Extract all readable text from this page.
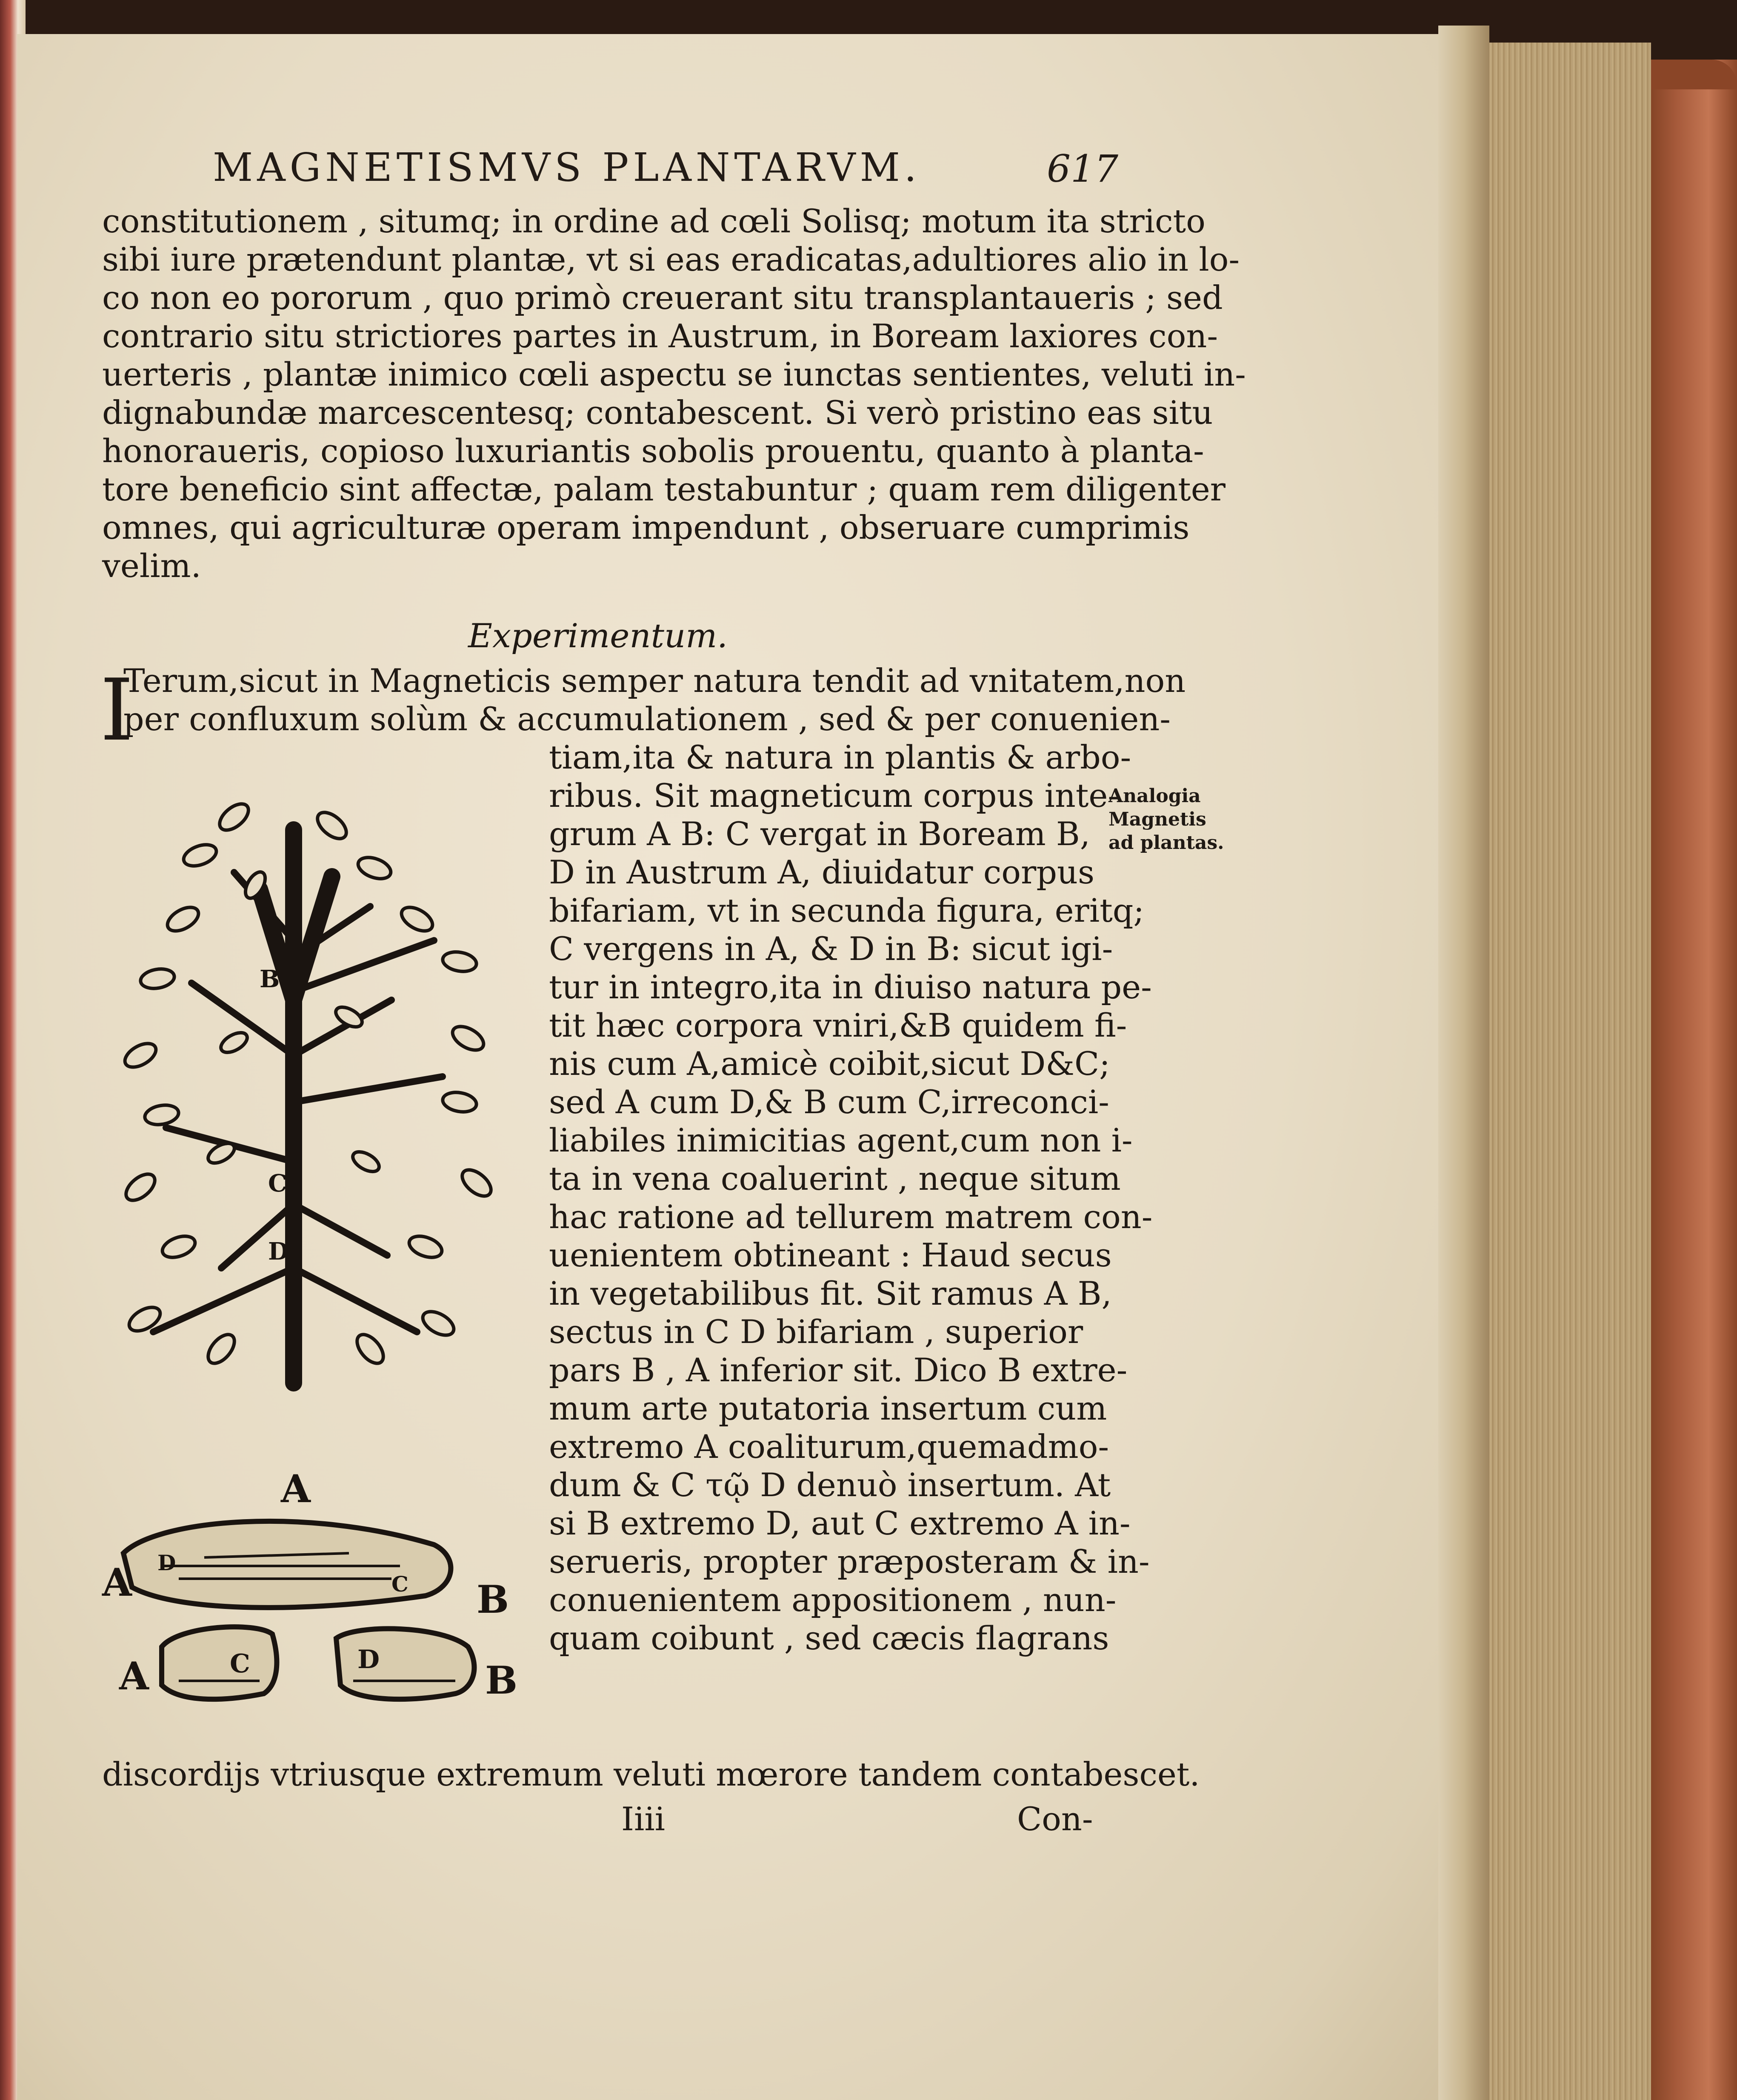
MAGNETISMVS PLANTARVM.	617
constitutionem , situmq; in ordine ad cœli Solisq; motum ita stricto
sibi iure prætendunt plantæ, vt si eas eradicatas,adultiores alio in lo-
co non eo pororum , quo primò creuerant situ transplantaueris ; sed
contrario situ strictiores partes in Austrum, in Boream laxiores con-
uerteris , plantæ inimico cœli aspectu se iunctas sentientes, veluti in-
dignabundæ marcescentesq; contabescent. Si verò pristino eas situ
honoraueris, copioso luxuriantis sobolis prouentu, quanto à planta-
tore beneficio sint affectæ, palam testabuntur ; quam rem diligenter
omnes, qui agriculturæ operam impendunt , obseruare cumprimis
velim.
Experimentum.
I
Terum,sicut in Magneticis semper natura tendit ad vnitatem,non
per confluxum solùm & accumulationem , sed & per conuenien-
tiam,ita & natura in plantis & arbo-
ribus. Sit magneticum corpus inte-
grum A B: C vergat in Boream B,
D in Austrum A, diuidatur corpus
bifariam, vt in secunda figura, eritq;
C vergens in A, & D in B: sicut igi-
tur in integro,ita in diuiso natura pe-
tit hæc corpora vniri,&B quidem fi-
nis cum A,amicè coibit,sicut D&C;
sed A cum D,& B cum C,irreconci-
liabiles inimicitias agent,cum non i-
ta in vena coaluerint , neque situm
hac ratione ad tellurem matrem con-
uenientem obtineant : Haud secus
in vegetabilibus fit. Sit ramus A B,
sectus in C D bifariam , superior
pars B , A inferior sit. Dico B extre-
mum arte putatoria insertum cum
extremo A coaliturum,quemadmo-
dum & C τῷ D denuò insertum. At
si B extremo D, aut C extremo A in-
serueris, propter præposteram & in-
conuenientem appositionem , nun-
quam coibunt , sed cæcis flagrans
discordijs vtriusque extremum veluti mœrore tandem contabescet.
Analogia
Magnetis
ad plantas.
Iiii	Con-
B
C
D
A
A D
C B
A	C	D	B
